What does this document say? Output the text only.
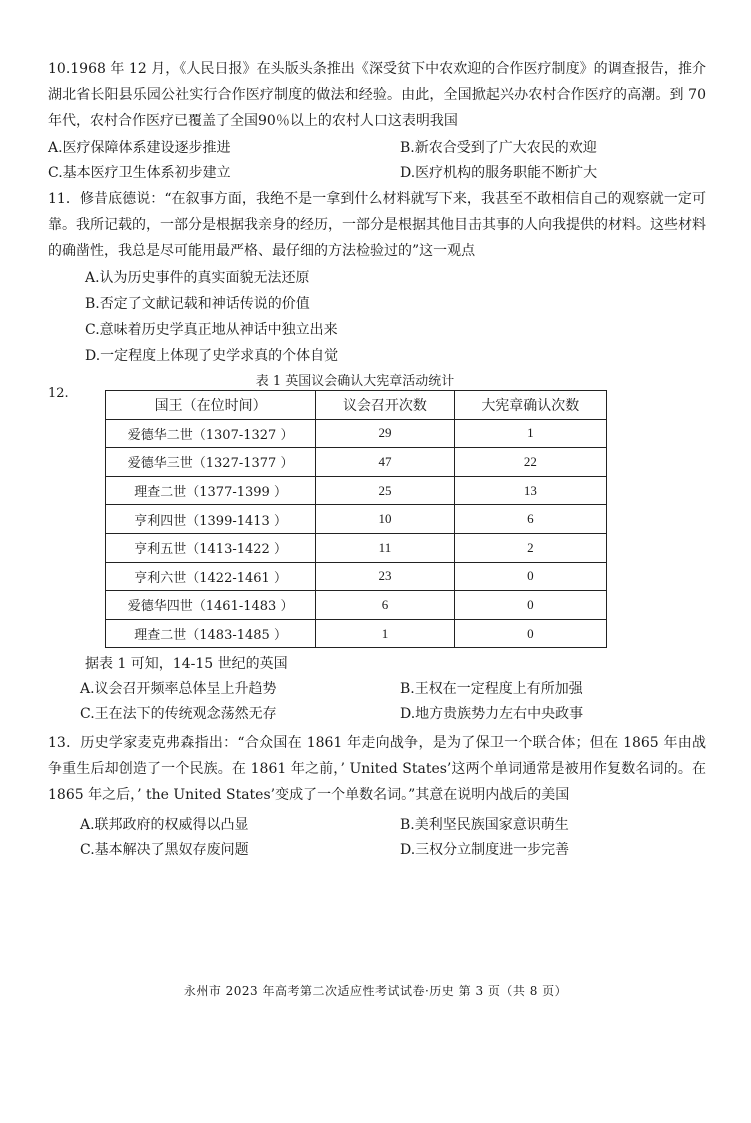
10.1968 年 12 月，《人民日报》在头版头条推出《深受贫下中农欢迎的合作医疗制度》的调查报告，推介湖北省长阳县乐园公社实行合作医疗制度的做法和经验。由此，全国掀起兴办农村合作医疗的高潮。到 70 年代，农村合作医疗已覆盖了全国90％以上的农村人口这表明我国

A.医疗保障体系建设逐步推进	B.新农合受到了广大农民的欢迎
C.基本医疗卫生体系初步建立	D.医疗机构的服务职能不断扩大

11．修昔底德说：“在叙事方面，我绝不是一拿到什么材料就写下来，我甚至不敢相信自己的观察就一定可靠。我所记载的，一部分是根据我亲身的经历，一部分是根据其他目击其事的人向我提供的材料。这些材料的确凿性，我总是尽可能用最严格、最仔细的方法检验过的”这一观点

A.认为历史事件的真实面貌无法还原
B.否定了文献记载和神话传说的价值
C.意味着历史学真正地从神话中独立出来
D.一定程度上体现了史学求真的个体自觉
表 1 英国议会确认大宪章活动统计
12.
国王（在位时间）	议会召开次数	大宪章确认次数
爱德华二世（1307-1327 ）	29	1
爱德华三世（1327-1377 ）	47	22
理查二世（1377-1399 ）	25	13
亨利四世（1399-1413 ）	10	6
亨利五世（1413-1422 ）	11	2
亨利六世（1422-1461 ）	23	0
爱德华四世（1461-1483 ）	6	0
理查二世（1483-1485 ）	1	0
据表 1 可知，14-15 世纪的英国
A.议会召开频率总体呈上升趋势	B.王权在一定程度上有所加强
C.王在法下的传统观念荡然无存	D.地方贵族势力左右中央政事

13．历史学家麦克弗森指出：“合众国在 1861 年走向战争，是为了保卫一个联合体；但在 1865 年由战争重生后却创造了一个民族。在 1861 年之前，’ United States’这两个单词通常是被用作复数名词的。在 1865 年之后，’ the United States’变成了一个单数名词。”其意在说明内战后的美国

A.联邦政府的权威得以凸显	B.美利坚民族国家意识萌生
C.基本解决了黑奴存废问题	D.三权分立制度进一步完善
永州市 2023 年高考第二次适应性考试试卷·历史 第 3 页（共 8 页）
